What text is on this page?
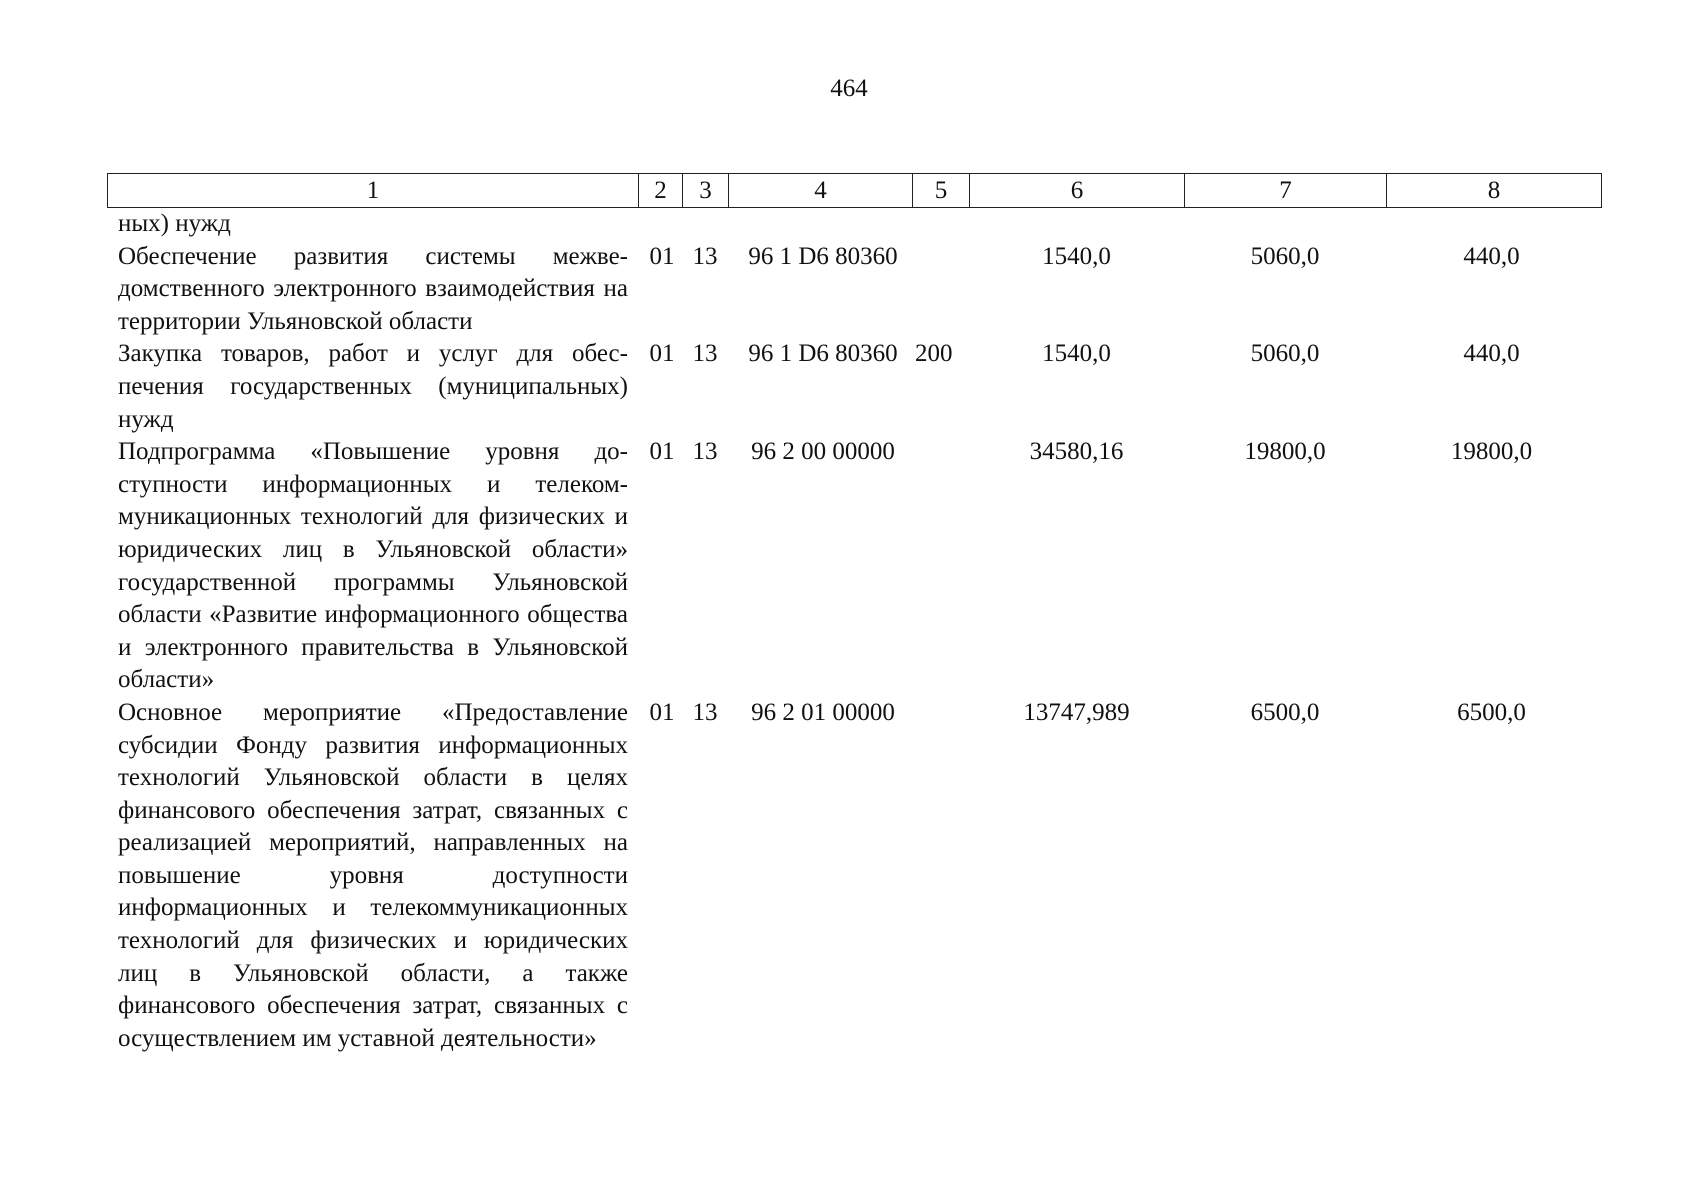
464
1	2	3	4	5	6	7	8
ных) нужд							
Обеспечение развития системы межведомственного электронного взаимодействия на территории Ульяновской области	01	13	96 1 D6 80360		1540,0	5060,0	440,0
Закупка товаров, работ и услуг для обеспечения государственных (муниципальных) нужд	01	13	96 1 D6 80360	200	1540,0	5060,0	440,0
Подпрограмма «Повышение уровня доступности информационных и телекоммуникационных технологий для физических и юридических лиц в Ульяновской области» государственной программы Ульяновской области «Развитие информационного общества и электронного правительства в Ульяновской области»	01	13	96 2 00 00000		34580,16	19800,0	19800,0
Основное мероприятие «Предоставление субсидии Фонду развития информационных технологий Ульяновской области в целях финансового обеспечения затрат, связанных с реализацией мероприятий, направленных на повышение уровня доступности информационных и телекоммуникационных технологий для физических и юридических лиц в Ульяновской области, а также финансового обеспечения затрат, связанных с осуществлением им уставной деятельности»	01	13	96 2 01 00000		13747,989	6500,0	6500,0
